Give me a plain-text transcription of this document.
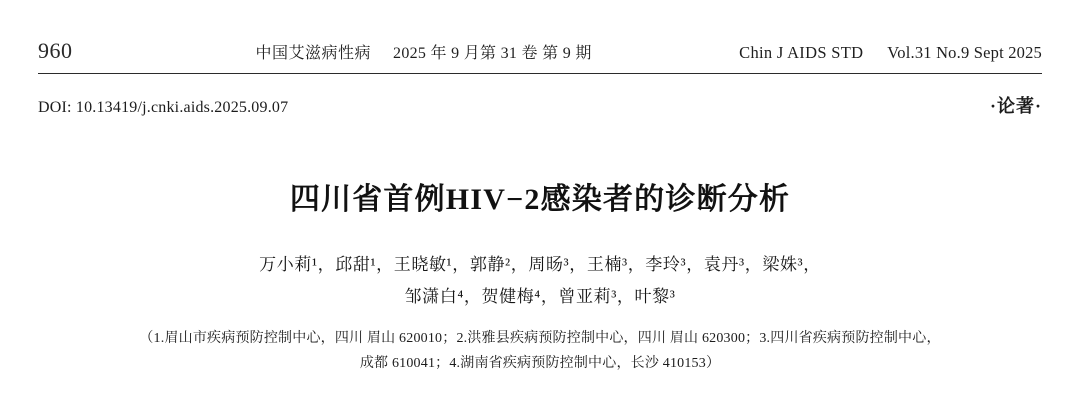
960	中国艾滋病性病 2025 年 9 月第 31 卷 第 9 期	Chin J AIDS STD Vol.31 No.9 Sept 2025
DOI: 10.13419/j.cnki.aids.2025.09.07	·论著·
四川省首例HIV−2感染者的诊断分析
万小莉¹，邱甜¹，王晓敏¹，郭静²，周旸³，王楠³，李玲³，袁丹³，梁姝³，
邹潇白⁴，贺健梅⁴，曾亚莉³，叶黎³
（1.眉山市疾病预防控制中心，四川 眉山 620010；2.洪雅县疾病预防控制中心，四川 眉山 620300；3.四川省疾病预防控制中心，
成都 610041；4.湖南省疾病预防控制中心，长沙 410153）
